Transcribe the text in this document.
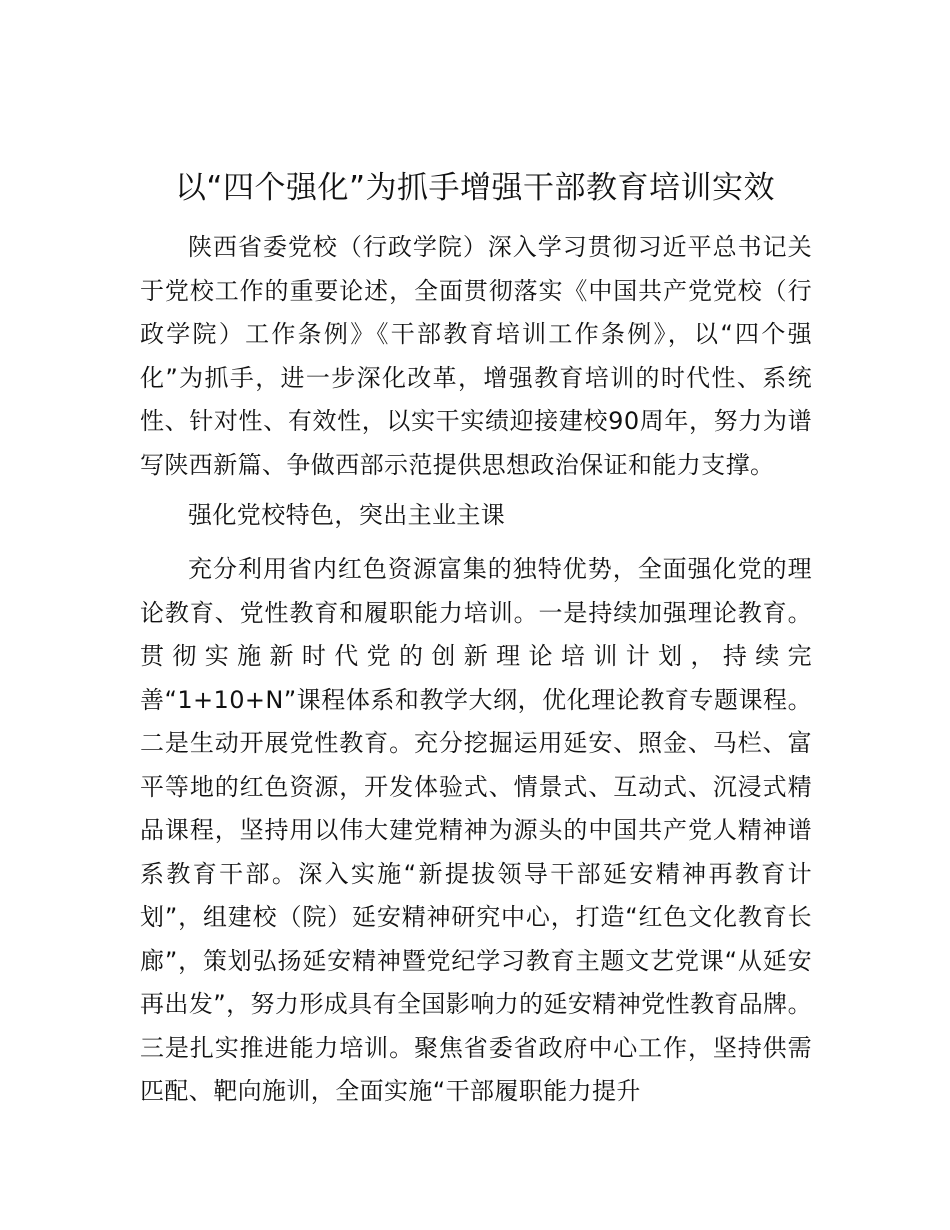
以“四个强化”为抓手增强干部教育培训实效

陕西省委党校（行政学院）深入学习贯彻习近平总书记关于党校工作的重要论述，全面贯彻落实《中国共产党党校（行政学院）工作条例》《干部教育培训工作条例》，以“四个强化”为抓手，进一步深化改革，增强教育培训的时代性、系统性、针对性、有效性，以实干实绩迎接建校90周年，努力为谱写陕西新篇、争做西部示范提供思想政治保证和能力支撑。

强化党校特色，突出主业主课

充分利用省内红色资源富集的独特优势，全面强化党的理论教育、党性教育和履职能力培训。一是持续加强理论教育。贯彻实施新时代党的创新理论培训计划，持续完善“1+10+N”课程体系和教学大纲，优化理论教育专题课程。二是生动开展党性教育。充分挖掘运用延安、照金、马栏、富平等地的红色资源，开发体验式、情景式、互动式、沉浸式精品课程，坚持用以伟大建党精神为源头的中国共产党人精神谱系教育干部。深入实施“新提拔领导干部延安精神再教育计划”，组建校（院）延安精神研究中心，打造“红色文化教育长廊”，策划弘扬延安精神暨党纪学习教育主题文艺党课“从延安再出发”，努力形成具有全国影响力的延安精神党性教育品牌。三是扎实推进能力培训。聚焦省委省政府中心工作，坚持供需匹配、靶向施训，全面实施“干部履职能力提升
